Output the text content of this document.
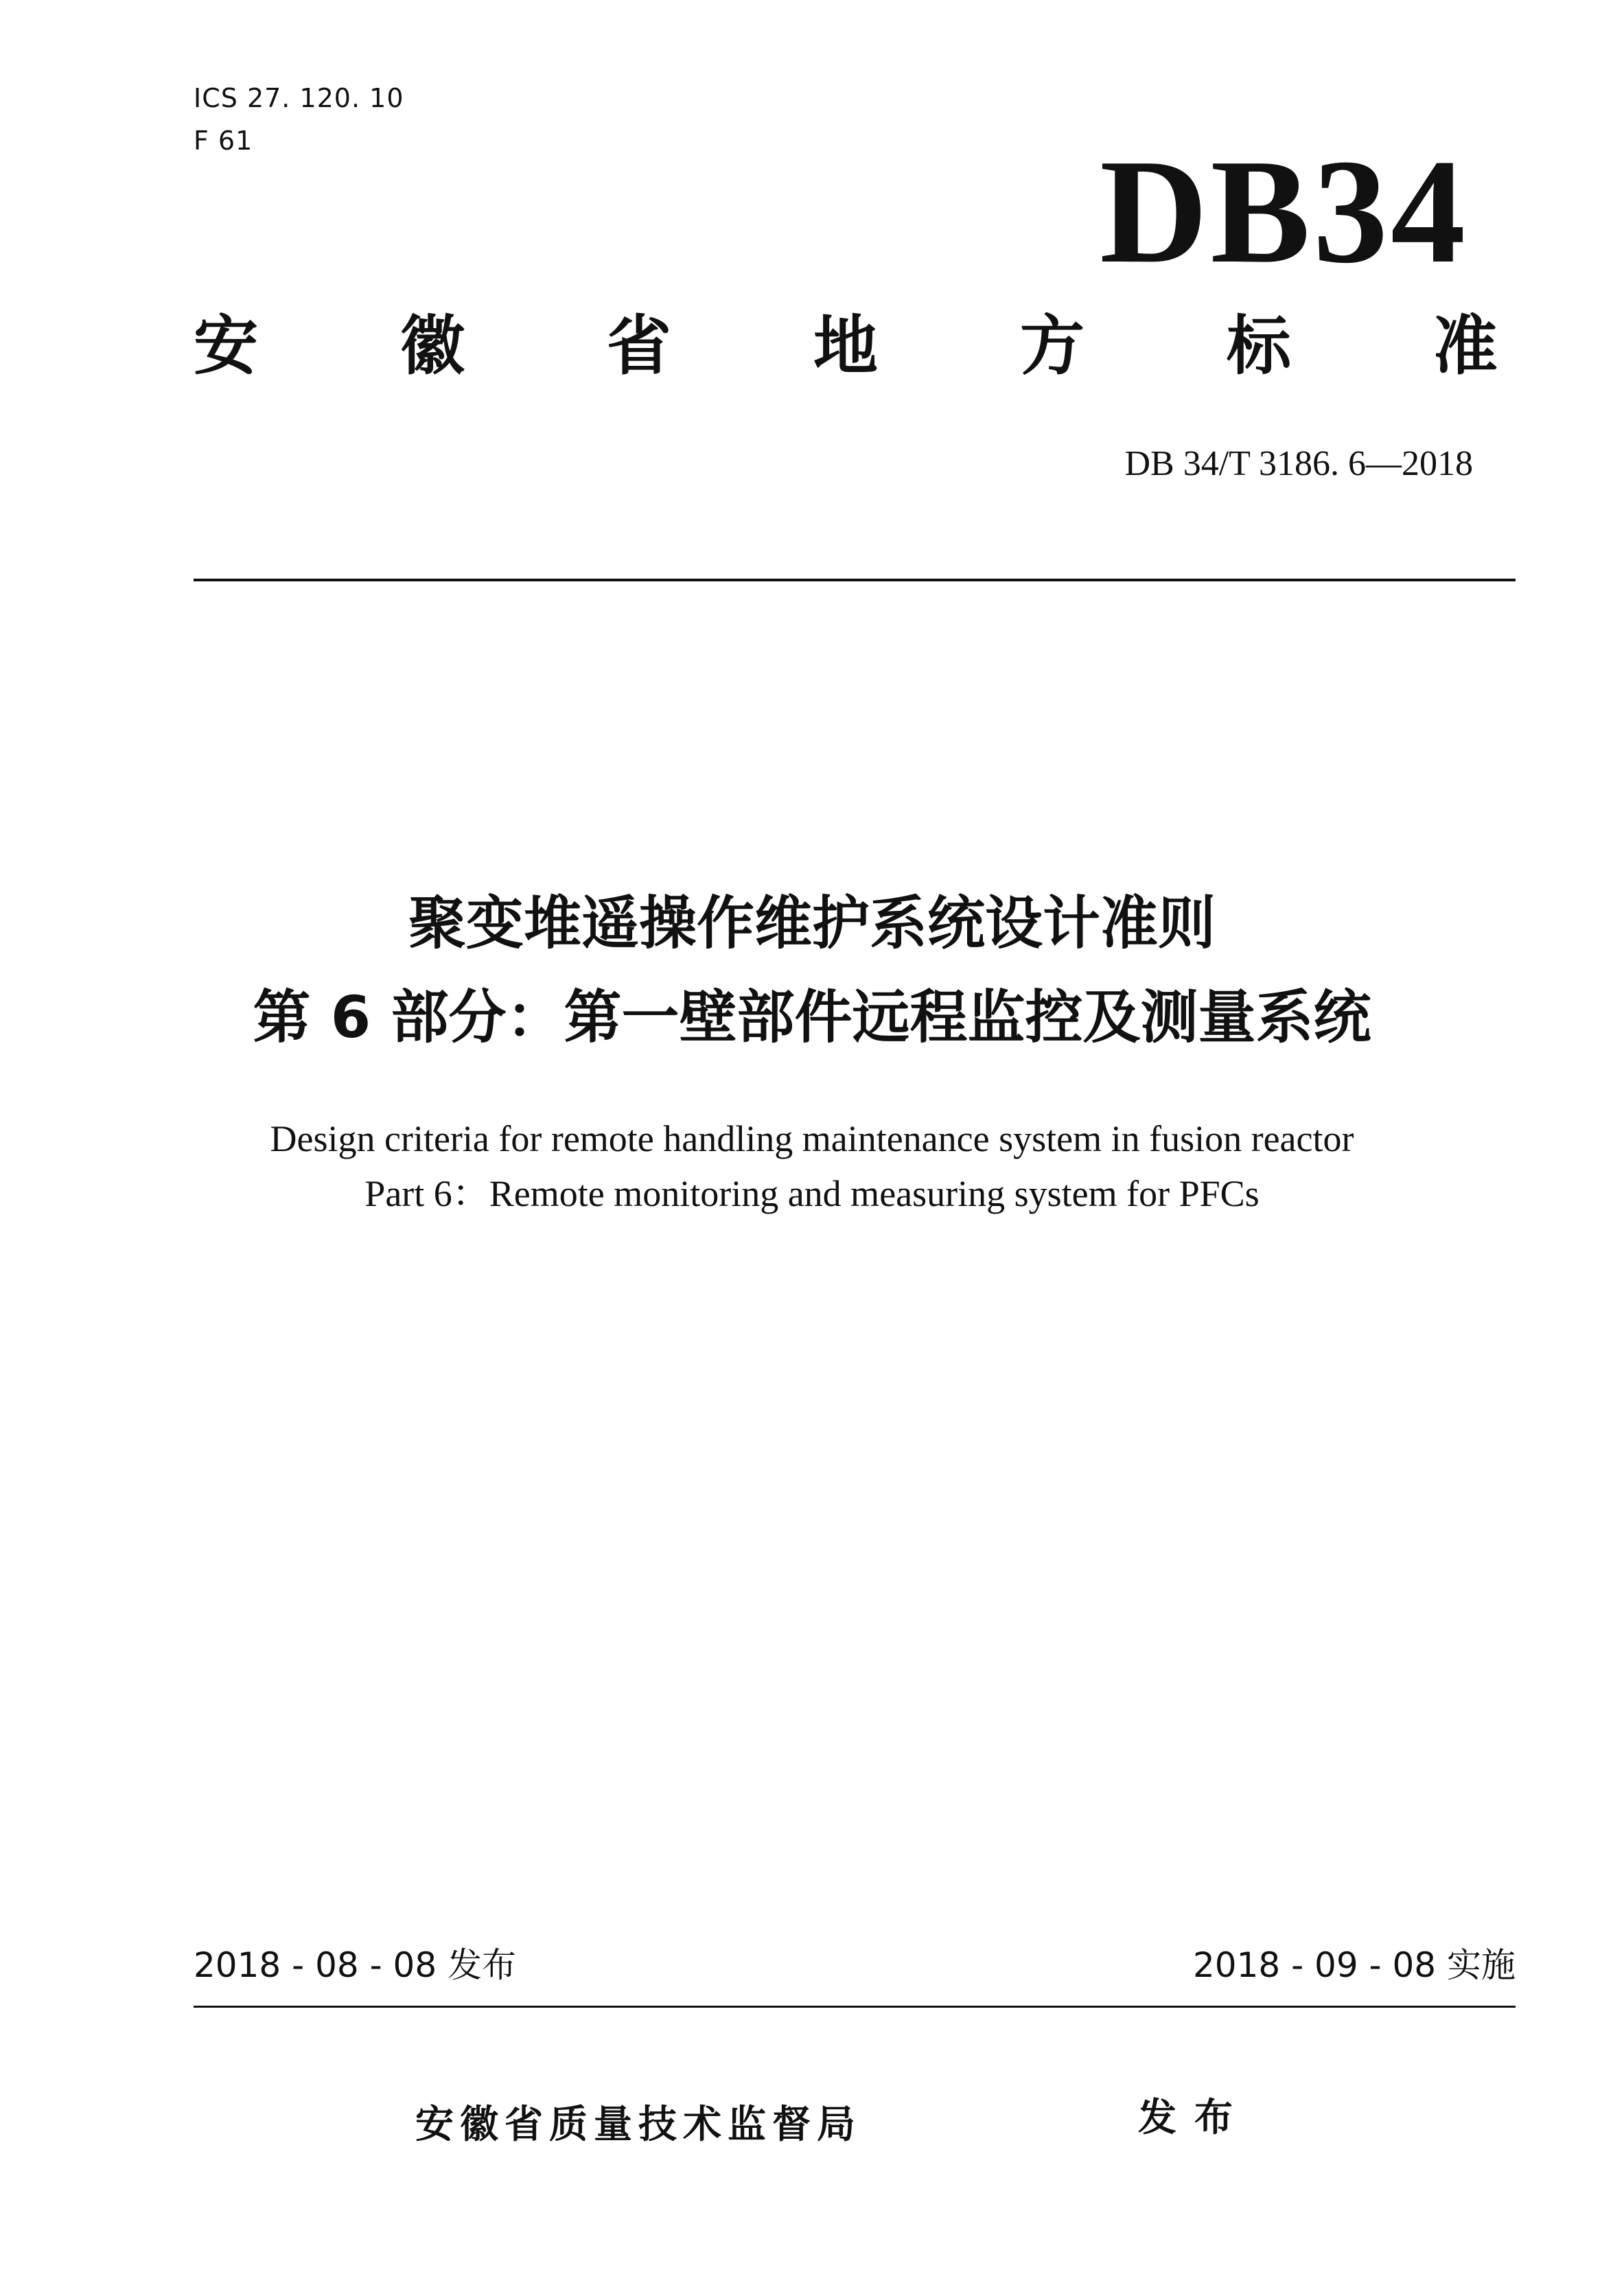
ICS 27. 120. 10
F 61	DB34
安 徽 省 地 方 标 准
DB 34/T 3186. 6—2018
聚变堆遥操作维护系统设计准则
第 6 部分：第一壁部件远程监控及测量系统
Design criteria for remote handling maintenance system in fusion reactor
Part 6：Remote monitoring and measuring system for PFCs
2018 - 08 - 08 发布	2018 - 09 - 08 实施
安徽省质量技术监督局	发布
